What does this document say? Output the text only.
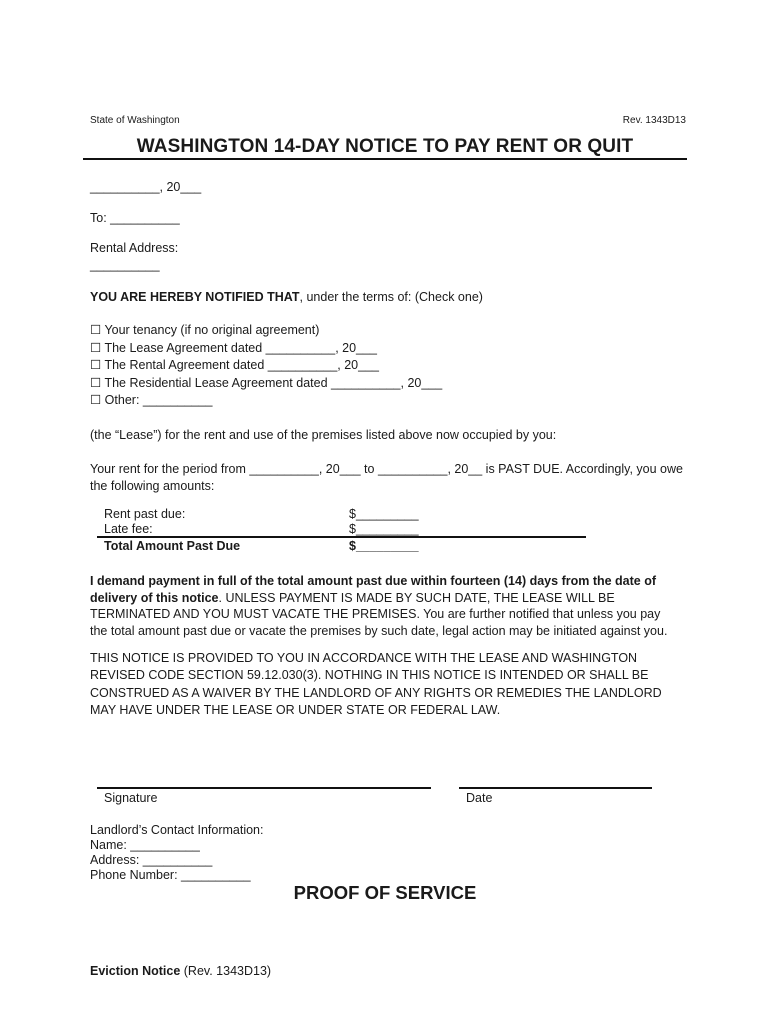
State of Washington	Rev. 1343D13
WASHINGTON 14-DAY NOTICE TO PAY RENT OR QUIT
__________, 20___
To: __________
Rental Address:
__________
YOU ARE HEREBY NOTIFIED THAT, under the terms of: (Check one)
☐ Your tenancy (if no original agreement)
☐ The Lease Agreement dated __________, 20___
☐ The Rental Agreement dated __________, 20___
☐ The Residential Lease Agreement dated __________, 20___
☐ Other: __________
(the “Lease”) for the rent and use of the premises listed above now occupied by you:
Your rent for the period from __________, 20___ to __________, 20__ is PAST DUE. Accordingly, you owe the following amounts:
Rent past due:	$_________
Late fee:	$_________
Total Amount Past Due	$_________
I demand payment in full of the total amount past due within fourteen (14) days from the date of delivery of this notice. UNLESS PAYMENT IS MADE BY SUCH DATE, THE LEASE WILL BE TERMINATED AND YOU MUST VACATE THE PREMISES. You are further notified that unless you pay the total amount past due or vacate the premises by such date, legal action may be initiated against you.
THIS NOTICE IS PROVIDED TO YOU IN ACCORDANCE WITH THE LEASE AND WASHINGTON REVISED CODE SECTION 59.12.030(3). NOTHING IN THIS NOTICE IS INTENDED OR SHALL BE CONSTRUED AS A WAIVER BY THE LANDLORD OF ANY RIGHTS OR REMEDIES THE LANDLORD MAY HAVE UNDER THE LEASE OR UNDER STATE OR FEDERAL LAW.
Signature	Date
Landlord’s Contact Information:
Name: __________
Address: __________
Phone Number: __________
PROOF OF SERVICE
Eviction Notice (Rev. 1343D13)
